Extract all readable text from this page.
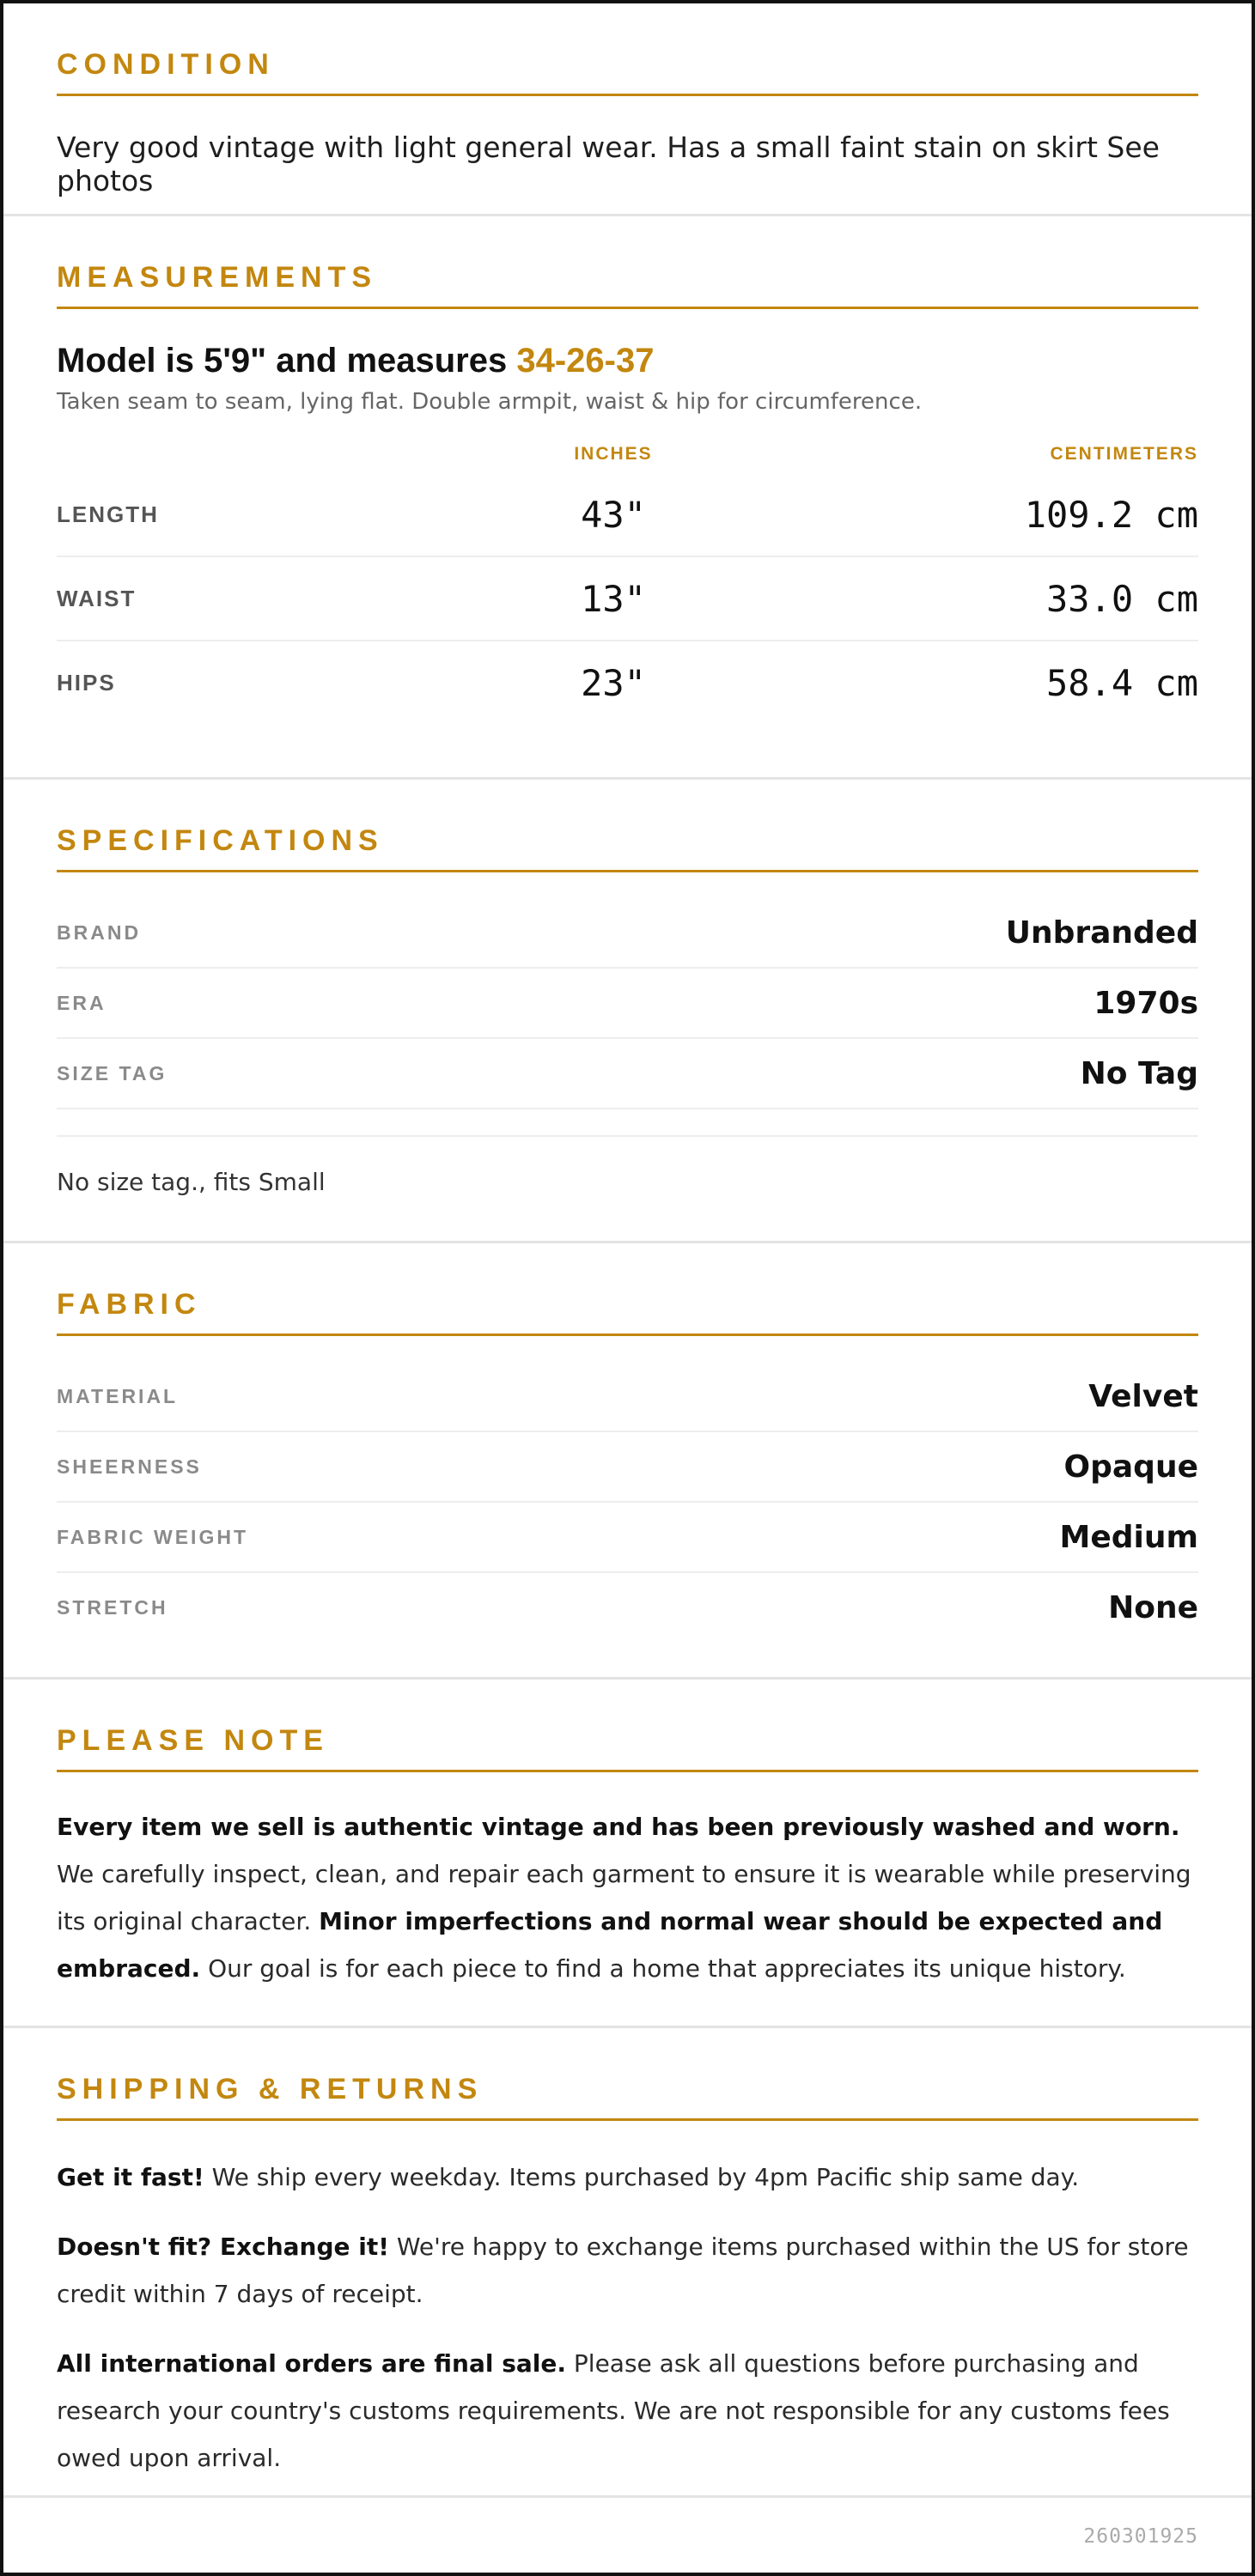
CONDITION
Very good vintage with light general wear. Has a small faint stain on skirt See photos
MEASUREMENTS
Model is 5'9" and measures 34-26-37
Taken seam to seam, lying flat. Double armpit, waist & hip for circumference.
INCHES	CENTIMETERS
LENGTH	43"	109.2 cm
WAIST	13"	33.0 cm
HIPS	23"	58.4 cm
SPECIFICATIONS
BRAND	Unbranded
ERA	1970s
SIZE TAG	No Tag
No size tag., fits Small
FABRIC
MATERIAL	Velvet
SHEERNESS	Opaque
FABRIC WEIGHT	Medium
STRETCH	None
PLEASE NOTE

Every item we sell is authentic vintage and has been previously washed and worn. We carefully inspect, clean, and repair each garment to ensure it is wearable while preserving its original character. Minor imperfections and normal wear should be expected and embraced. Our goal is for each piece to find a home that appreciates its unique history.

SHIPPING & RETURNS

Get it fast! We ship every weekday. Items purchased by 4pm Pacific ship same day.

Doesn't fit? Exchange it! We're happy to exchange items purchased within the US for store credit within 7 days of receipt.

All international orders are final sale. Please ask all questions before purchasing and research your country's customs requirements. We are not responsible for any customs fees owed upon arrival.

260301925
